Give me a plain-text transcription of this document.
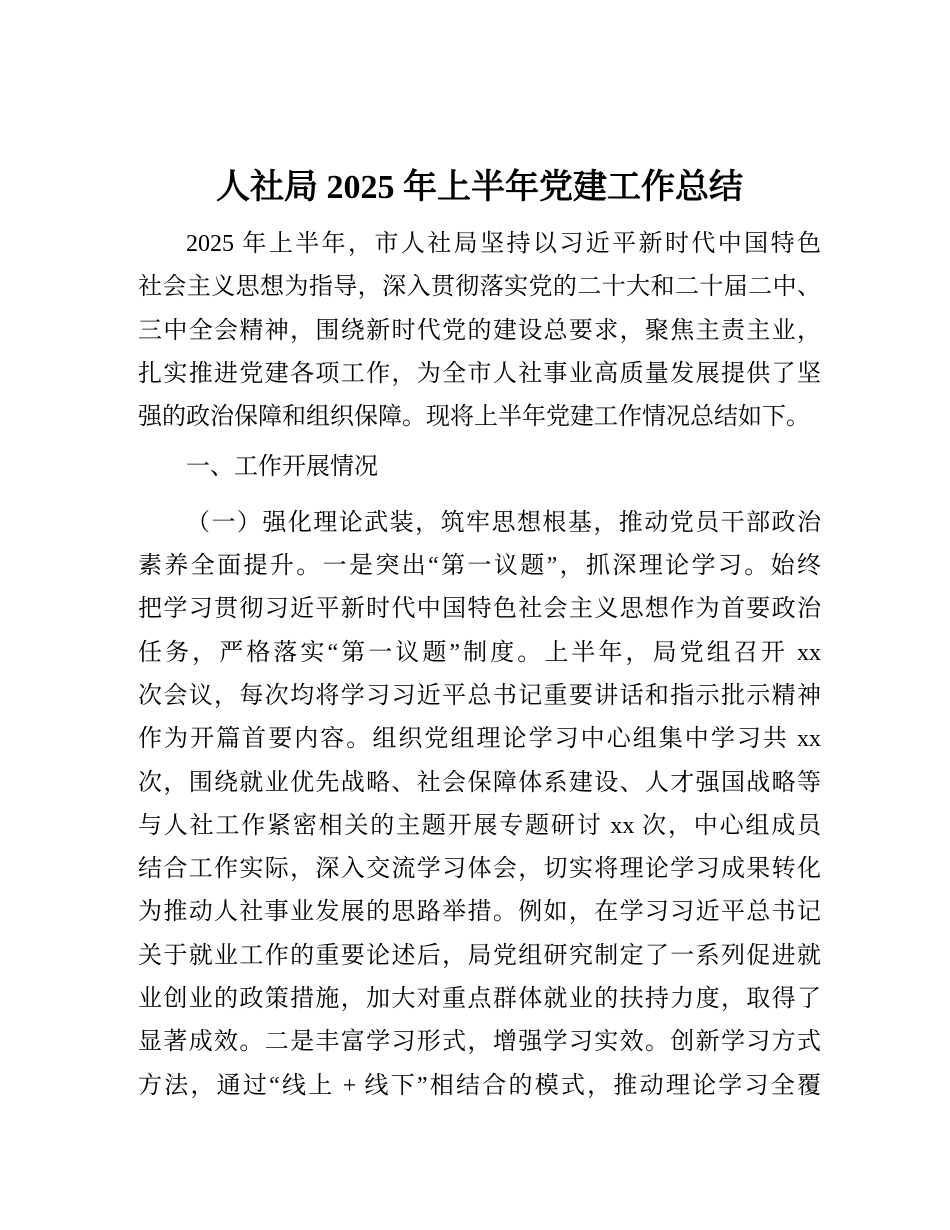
人社局 2025 年上半年党建工作总结
2025 年上半年，市人社局坚持以习近平新时代中国特色
社会主义思想为指导，深入贯彻落实党的二十大和二十届二中、
三中全会精神，围绕新时代党的建设总要求，聚焦主责主业，
扎实推进党建各项工作，为全市人社事业高质量发展提供了坚
强的政治保障和组织保障。现将上半年党建工作情况总结如下。
一、工作开展情况
（一）强化理论武装，筑牢思想根基，推动党员干部政治
素养全面提升。一是突出“第一议题”，抓深理论学习。始终
把学习贯彻习近平新时代中国特色社会主义思想作为首要政治
任务，严格落实“第一议题”制度。上半年，局党组召开 xx
次会议，每次均将学习习近平总书记重要讲话和指示批示精神
作为开篇首要内容。组织党组理论学习中心组集中学习共 xx
次，围绕就业优先战略、社会保障体系建设、人才强国战略等
与人社工作紧密相关的主题开展专题研讨 xx 次，中心组成员
结合工作实际，深入交流学习体会，切实将理论学习成果转化
为推动人社事业发展的思路举措。例如，在学习习近平总书记
关于就业工作的重要论述后，局党组研究制定了一系列促进就
业创业的政策措施，加大对重点群体就业的扶持力度，取得了
显著成效。二是丰富学习形式，增强学习实效。创新学习方式
方法，通过“线上 + 线下”相结合的模式，推动理论学习全覆
